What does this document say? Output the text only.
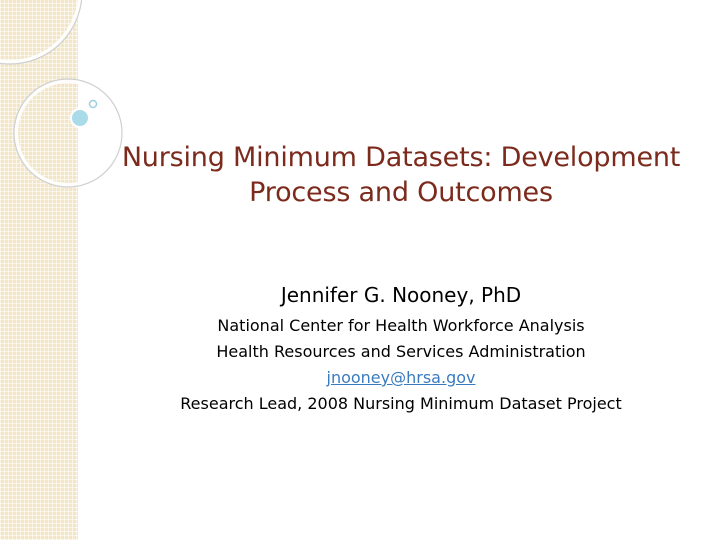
Nursing Minimum Datasets: Development
Process and Outcomes
Jennifer G. Nooney, PhD
National Center for Health Workforce Analysis
Health Resources and Services Administration
jnooney@hrsa.gov
Research Lead, 2008 Nursing Minimum Dataset Project
